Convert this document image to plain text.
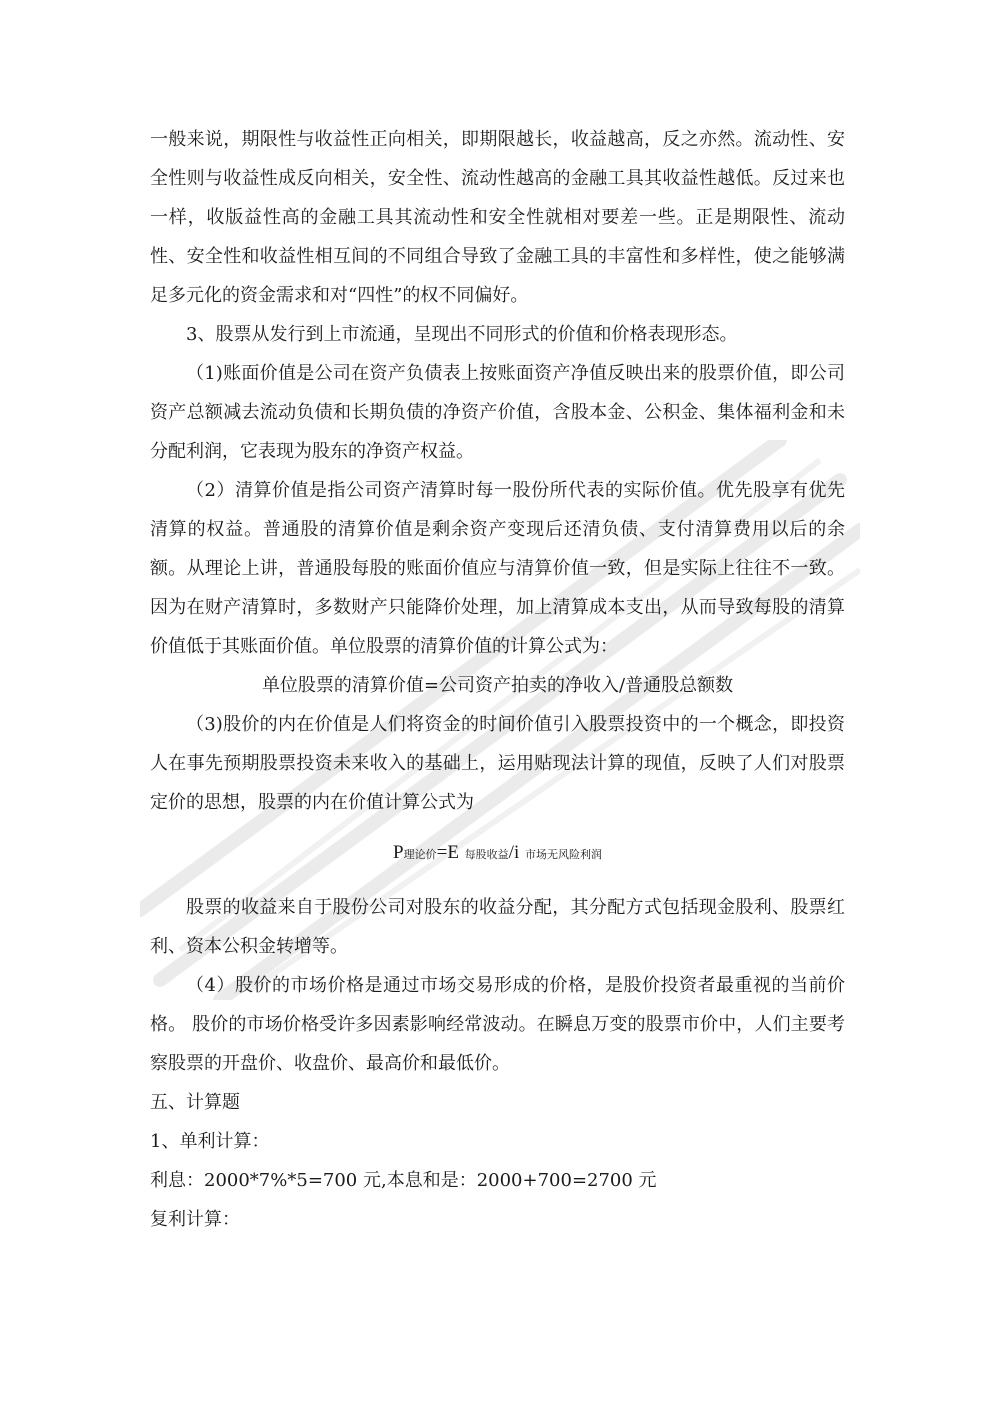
一般来说，期限性与收益性正向相关，即期限越长，收益越高，反之亦然。流动性、安全性则与收益性成反向相关，安全性、流动性越高的金融工具其收益性越低。反过来也一样，收版益性高的金融工具其流动性和安全性就相对要差一些。正是期限性、流动性、安全性和收益性相互间的不同组合导致了金融工具的丰富性和多样性，使之能够满足多元化的资金需求和对“四性”的权不同偏好。

3、股票从发行到上市流通，呈现出不同形式的价值和价格表现形态。

（1)账面价值是公司在资产负债表上按账面资产净值反映出来的股票价值，即公司资产总额减去流动负债和长期负债的净资产价值，含股本金、公积金、集体福利金和未分配利润，它表现为股东的净资产权益。

（2）清算价值是指公司资产清算时每一股份所代表的实际价值。优先股享有优先清算的权益。普通股的清算价值是剩余资产变现后还清负债、支付清算费用以后的余额。从理论上讲，普通股每股的账面价值应与清算价值一致，但是实际上往往不一致。因为在财产清算时，多数财产只能降价处理，加上清算成本支出，从而导致每股的清算价值低于其账面价值。单位股票的清算价值的计算公式为：

单位股票的清算价值=公司资产拍卖的净收入/普通股总额数

（3)股价的内在价值是人们将资金的时间价值引入股票投资中的一个概念，即投资人在事先预期股票投资未来收入的基础上，运用贴现法计算的现值，反映了人们对股票定价的思想，股票的内在价值计算公式为

P理论价=E 每股收益/i 市场无风险利润

股票的收益来自于股份公司对股东的收益分配，其分配方式包括现金股利、股票红利、资本公积金转增等。

（4）股价的市场价格是通过市场交易形成的价格，是股价投资者最重视的当前价格。 股价的市场价格受许多因素影响经常波动。在瞬息万变的股票市价中，人们主要考察股票的开盘价、收盘价、最高价和最低价。

五、计算题

1、单利计算：

利息：2000*7%*5=700 元,本息和是：2000+700=2700 元

复利计算：
